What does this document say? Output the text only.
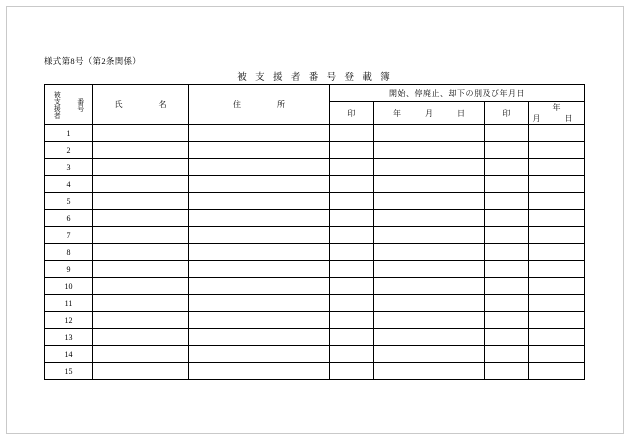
様式第8号（第2条関係）
被 支 援 者 番 号 登 載 簿
被支援者 番号	氏　名	住　所	開始、停廃止、却下の別及び年月日			
			印	年　月　日	印	年　月　日
1						
2						
3						
4						
5						
6						
7						
8						
9						
10						
11						
12						
13						
14						
15						
